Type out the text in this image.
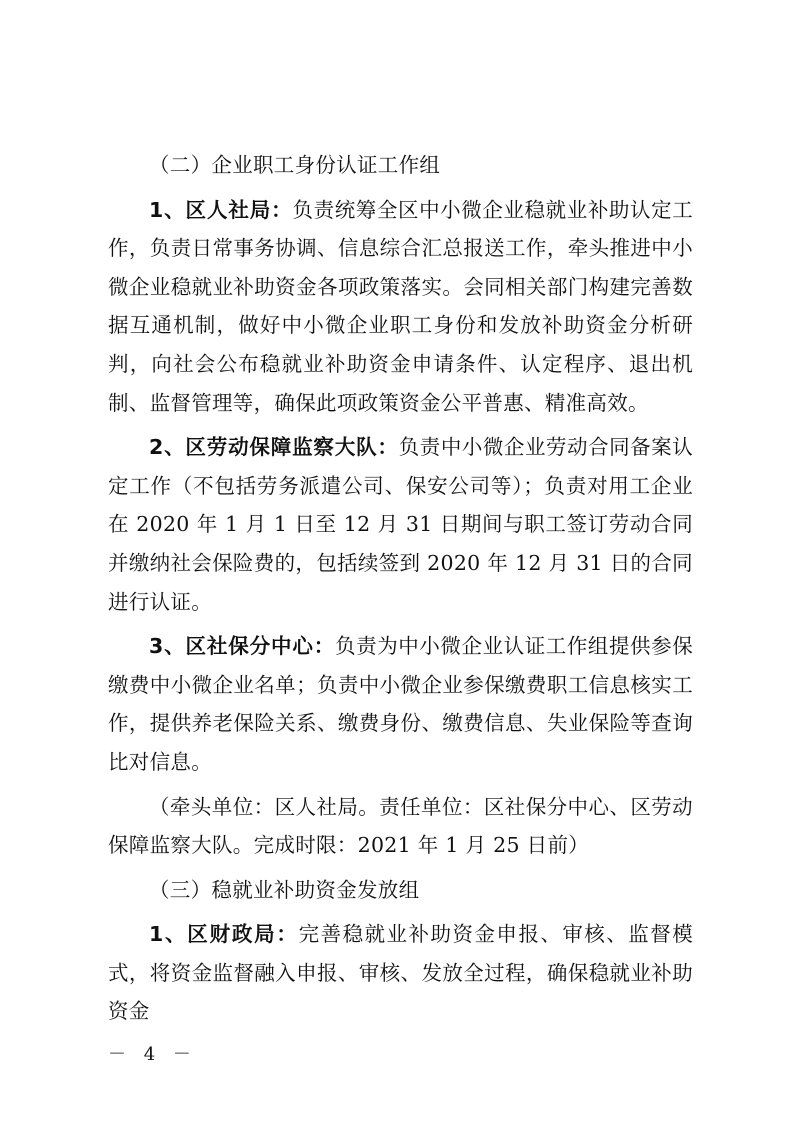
（二）企业职工身份认证工作组

1、区人社局：负责统筹全区中小微企业稳就业补助认定工作，负责日常事务协调、信息综合汇总报送工作，牵头推进中小微企业稳就业补助资金各项政策落实。会同相关部门构建完善数据互通机制，做好中小微企业职工身份和发放补助资金分析研判，向社会公布稳就业补助资金申请条件、认定程序、退出机制、监督管理等，确保此项政策资金公平普惠、精准高效。

2、区劳动保障监察大队：负责中小微企业劳动合同备案认定工作（不包括劳务派遣公司、保安公司等）；负责对用工企业在 2020 年 1 月 1 日至 12 月 31 日期间与职工签订劳动合同并缴纳社会保险费的，包括续签到 2020 年 12 月 31 日的合同进行认证。

3、区社保分中心：负责为中小微企业认证工作组提供参保缴费中小微企业名单；负责中小微企业参保缴费职工信息核实工作，提供养老保险关系、缴费身份、缴费信息、失业保险等查询比对信息。

（牵头单位：区人社局。责任单位：区社保分中心、区劳动保障监察大队。完成时限：2021 年 1 月 25 日前）

（三）稳就业补助资金发放组

1、区财政局：完善稳就业补助资金申报、审核、监督模式，将资金监督融入申报、审核、发放全过程，确保稳就业补助资金

－ 4 －
